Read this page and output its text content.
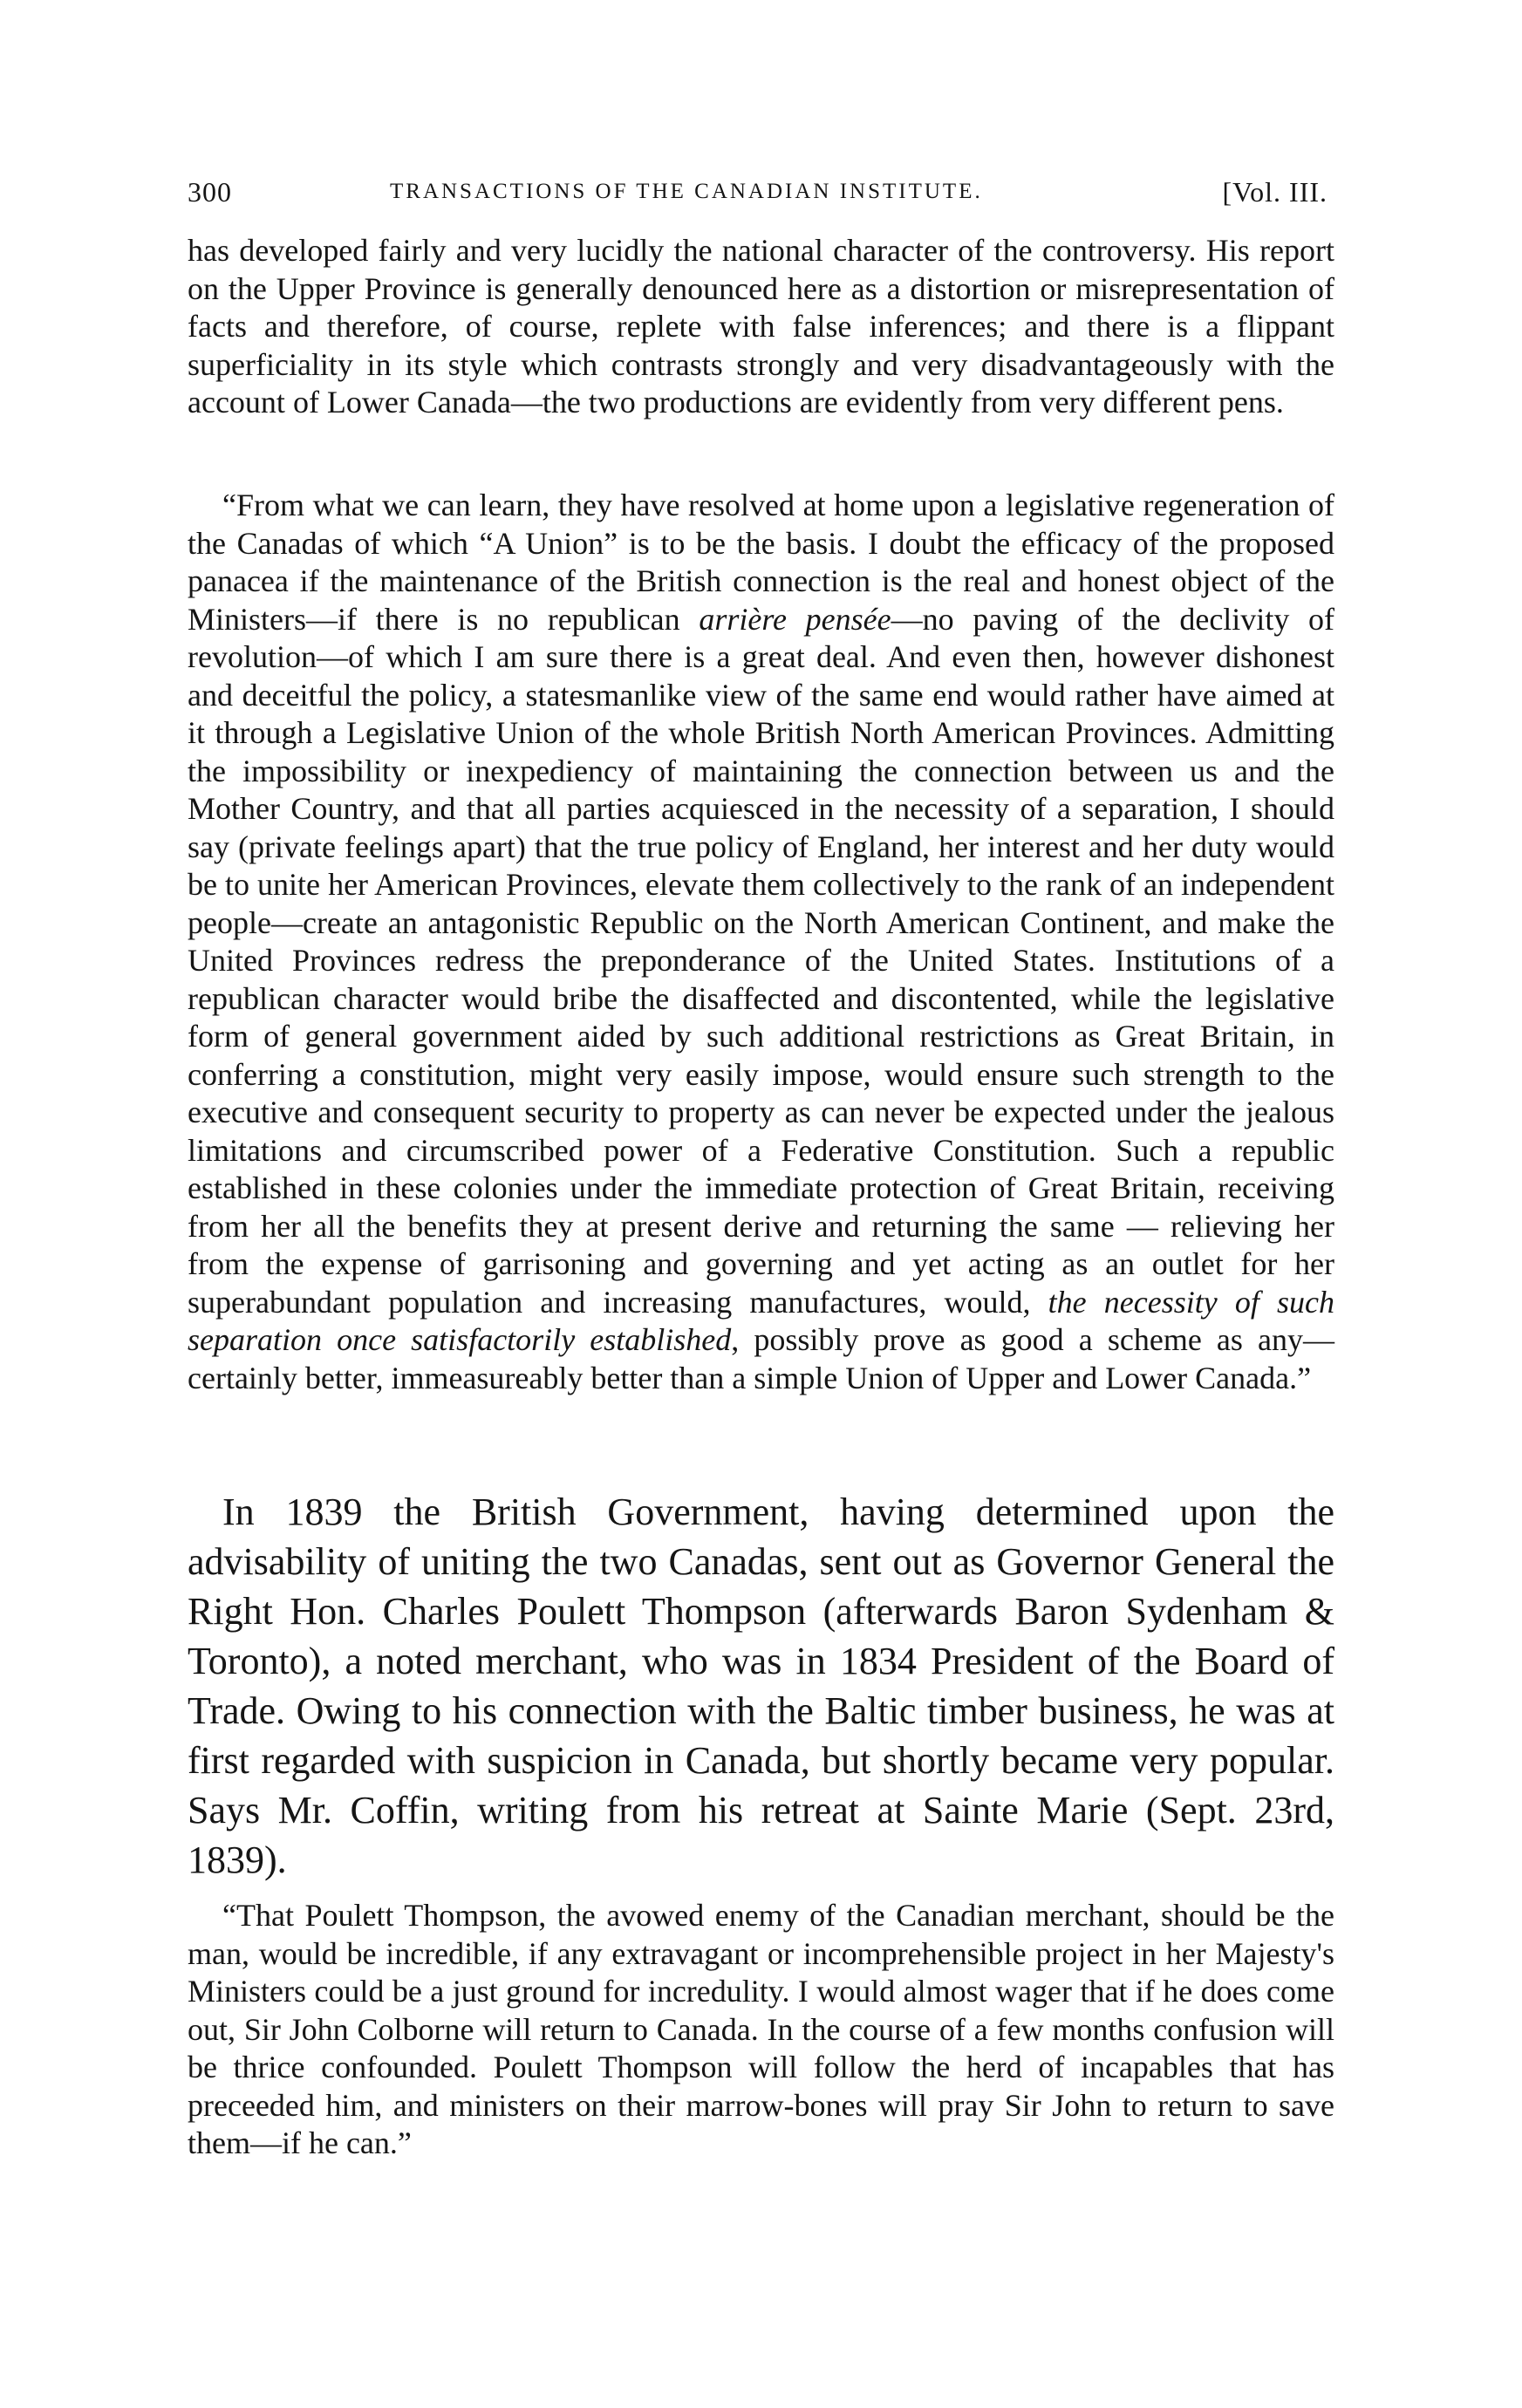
300	TRANSACTIONS OF THE CANADIAN INSTITUTE.	[Vol. III.

has developed fairly and very lucidly the national character of the controversy. His report on the Upper Province is generally denounced here as a distortion or misrepresentation of facts and therefore, of course, replete with false inferences; and there is a flippant superficiality in its style which contrasts strongly and very disadvantageously with the account of Lower Canada—the two productions are evidently from very different pens.

“From what we can learn, they have resolved at home upon a legislative regeneration of the Canadas of which “A Union” is to be the basis. I doubt the efficacy of the proposed panacea if the maintenance of the British connection is the real and honest object of the Ministers—if there is no republican arrière pensée—no paving of the declivity of revolution—of which I am sure there is a great deal. And even then, however dishonest and deceitful the policy, a statesmanlike view of the same end would rather have aimed at it through a Legislative Union of the whole British North American Provinces. Admitting the impossibility or inexpediency of maintaining the connection between us and the Mother Country, and that all parties acquiesced in the necessity of a separation, I should say (private feelings apart) that the true policy of England, her interest and her duty would be to unite her American Provinces, elevate them collectively to the rank of an independent people—create an antagonistic Republic on the North American Continent, and make the United Provinces redress the preponderance of the United States. Institutions of a republican character would bribe the disaffected and discontented, while the legislative form of general government aided by such additional restrictions as Great Britain, in conferring a constitution, might very easily impose, would ensure such strength to the executive and consequent security to property as can never be expected under the jealous limitations and circumscribed power of a Federative Constitution. Such a republic established in these colonies under the immediate protection of Great Britain, receiving from her all the benefits they at present derive and returning the same — relieving her from the expense of garrisoning and governing and yet acting as an outlet for her superabundant population and increasing manufactures, would, the necessity of such separation once satisfactorily established, possibly prove as good a scheme as any—certainly better, immeasureably better than a simple Union of Upper and Lower Canada.”

In 1839 the British Government, having determined upon the advisability of uniting the two Canadas, sent out as Governor General the Right Hon. Charles Poulett Thompson (afterwards Baron Sydenham & Toronto), a noted merchant, who was in 1834 President of the Board of Trade. Owing to his connection with the Baltic timber business, he was at first regarded with suspicion in Canada, but shortly became very popular. Says Mr. Coffin, writing from his retreat at Sainte Marie (Sept. 23rd, 1839).

“That Poulett Thompson, the avowed enemy of the Canadian merchant, should be the man, would be incredible, if any extravagant or incomprehensible project in her Majesty's Ministers could be a just ground for incredulity. I would almost wager that if he does come out, Sir John Colborne will return to Canada. In the course of a few months confusion will be thrice confounded. Poulett Thompson will follow the herd of incapables that has preceeded him, and ministers on their marrow-bones will pray Sir John to return to save them—if he can.”
